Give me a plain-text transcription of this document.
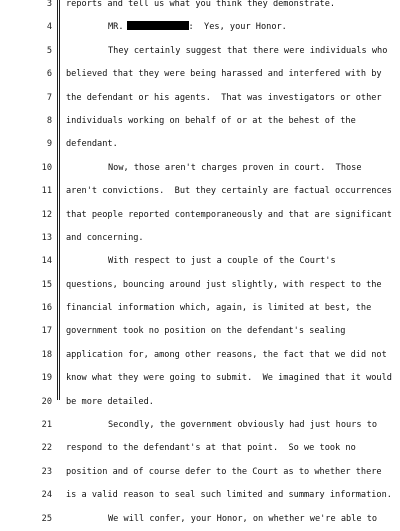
3 reports and tell us what you think they demonstrate.
4	MR.	:  Yes, your Honor.
5	They certainly suggest that there were individuals who
6 believed that they were being harassed and interfered with by
7 the defendant or his agents.  That was investigators or other
8 individuals working on behalf of or at the behest of the
9 defendant.
10	Now, those aren't charges proven in court.  Those
11 aren't convictions.  But they certainly are factual occurrences
12 that people reported contemporaneously and that are significant
13 and concerning.
14	With respect to just a couple of the Court's
15 questions, bouncing around just slightly, with respect to the
16 financial information which, again, is limited at best, the
17 government took no position on the defendant's sealing
18 application for, among other reasons, the fact that we did not
19 know what they were going to submit.  We imagined that it would
20 be more detailed.
21	Secondly, the government obviously had just hours to
22 respond to the defendant's at that point.  So we took no
23 position and of course defer to the Court as to whether there
24 is a valid reason to seal such limited and summary information.
25	We will confer, your Honor, on whether we're able to
